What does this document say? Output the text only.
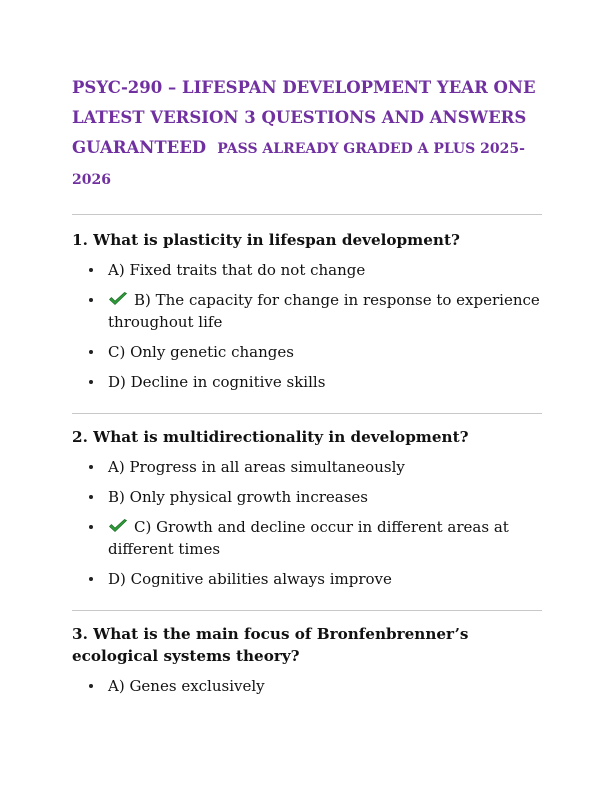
PSYC-290 – LIFESPAN DEVELOPMENT YEAR ONE LATEST VERSION 3 QUESTIONS AND ANSWERS GUARANTEED PASS ALREADY GRADED A PLUS 2025-2026

1. What is plasticity in lifespan development?

A) Fixed traits that do not change
B) The capacity for change in response to experience throughout life
C) Only genetic changes
D) Decline in cognitive skills

2. What is multidirectionality in development?

A) Progress in all areas simultaneously
B) Only physical growth increases
C) Growth and decline occur in different areas at different times
D) Cognitive abilities always improve

3. What is the main focus of Bronfenbrenner’s ecological systems theory?

A) Genes exclusively
